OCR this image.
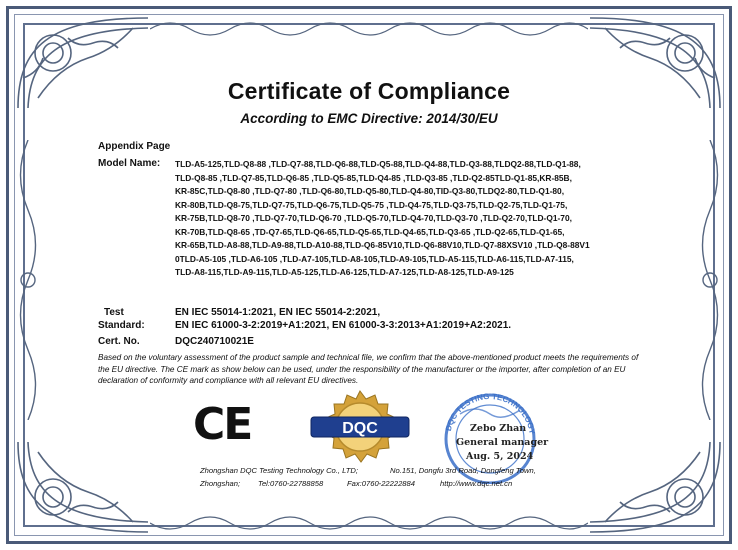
Certificate of Compliance
According to EMC Directive: 2014/30/EU
Appendix Page
Model Name: TLD-A5-125,TLD-Q8-88 ,TLD-Q7-88,TLD-Q6-88,TLD-Q5-88,TLD-Q4-88,TLD-Q3-88,TLDQ2-88,TLD-Q1-88,
TLD-Q8-85 ,TLD-Q7-85,TLD-Q6-85 ,TLD-Q5-85,TLD-Q4-85 ,TLD-Q3-85 ,TLD-Q2-85TLD-Q1-85,KR-85B,
KR-85C,TLD-Q8-80 ,TLD-Q7-80 ,TLD-Q6-80,TLD-Q5-80,TLD-Q4-80,TID-Q3-80,TLDQ2-80,TLD-Q1-80,
KR-80B,TLD-Q8-75,TLD-Q7-75,TLD-Q6-75,TLD-Q5-75 ,TLD-Q4-75,TLD-Q3-75,TLD-Q2-75,TLD-Q1-75,
KR-75B,TLD-Q8-70 ,TLD-Q7-70,TLD-Q6-70 ,TLD-Q5-70,TLD-Q4-70,TLD-Q3-70 ,TLD-Q2-70,TLD-Q1-70,
KR-70B,TLD-Q8-65 ,TD-Q7-65,TLD-Q6-65,TLD-Q5-65,TLD-Q4-65,TLD-Q3-65 ,TLD-Q2-65,TLD-Q1-65,
KR-65B,TLD-A8-88,TLD-A9-88,TLD-A10-88,TLD-Q6-85V10,TLD-Q6-88V10,TLD-Q7-88XSV10 ,TLD-Q8-88V1
0TLD-A5-105 ,TLD-A6-105 ,TLD-A7-105,TLD-A8-105,TLD-A9-105,TLD-A5-115,TLD-A6-115,TLD-A7-115,
TLD-A8-115,TLD-A9-115,TLD-A5-125,TLD-A6-125,TLD-A7-125,TLD-A8-125,TLD-A9-125
Test
Standard:
EN IEC 55014-1:2021, EN IEC 55014-2:2021,
EN IEC 61000-3-2:2019+A1:2021, EN 61000-3-3:2013+A1:2019+A2:2021.
Cert. No.	DQC240710021E
Based on the voluntary assessment of the product sample and technical file, we confirm that the above-mentioned product meets the requirements of the EU directive. The CE mark as show below can be used, under the responsibility of the manufacturer or the importer, after completion of an EU declaration of conformity and compliance with all relevant EU directives.
CE	DQC	DQC TESTING TECHNOLOGY
Zebo Zhan
General manager
Aug. 5, 2024
Zhongshan DQC Testing Technology Co., LTD;	No.151, Dongfu 3rd Road, Dongfeng Town,
Zhongshan; Tel:0760-22788858	Fax:0760-22222884	http://www.dqc.net.cn
